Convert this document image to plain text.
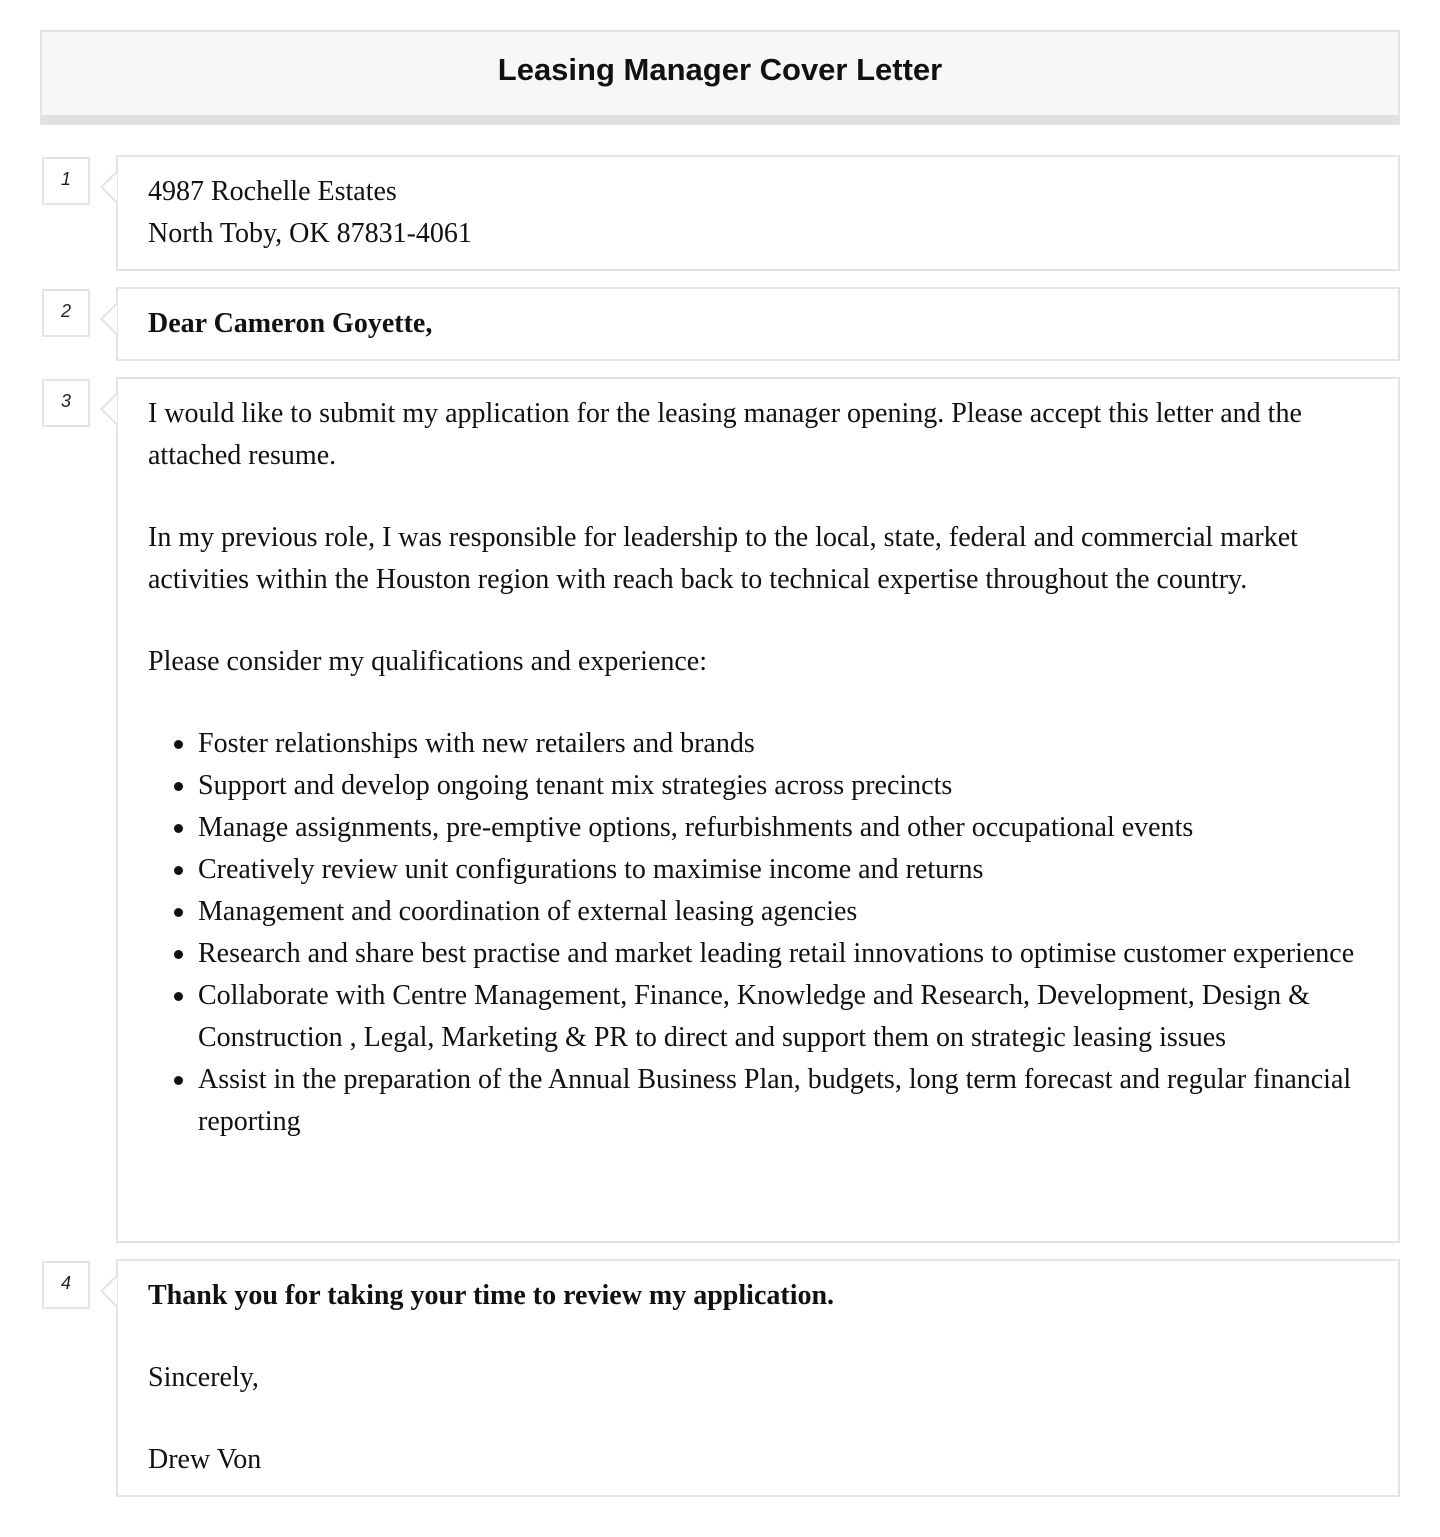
Leasing Manager Cover Letter
1	4987 Rochelle Estates

North Toby, OK 87831-4061

2	Dear Cameron Goyette,

3	I would like to submit my application for the leasing manager opening. Please accept this letter and the attached resume.

In my previous role, I was responsible for leadership to the local, state, federal and commercial market activities within the Houston region with reach back to technical expertise throughout the country.

Please consider my qualifications and experience:

Foster relationships with new retailers and brands
Support and develop ongoing tenant mix strategies across precincts
Manage assignments, pre-emptive options, refurbishments and other occupational events
Creatively review unit configurations to maximise income and returns
Management and coordination of external leasing agencies
Research and share best practise and market leading retail innovations to optimise customer experience
Collaborate with Centre Management, Finance, Knowledge and Research, Development, Design & Construction , Legal, Marketing & PR to direct and support them on strategic leasing issues
Assist in the preparation of the Annual Business Plan, budgets, long term forecast and regular financial reporting
4	Thank you for taking your time to review my application.

Sincerely,

Drew Von
